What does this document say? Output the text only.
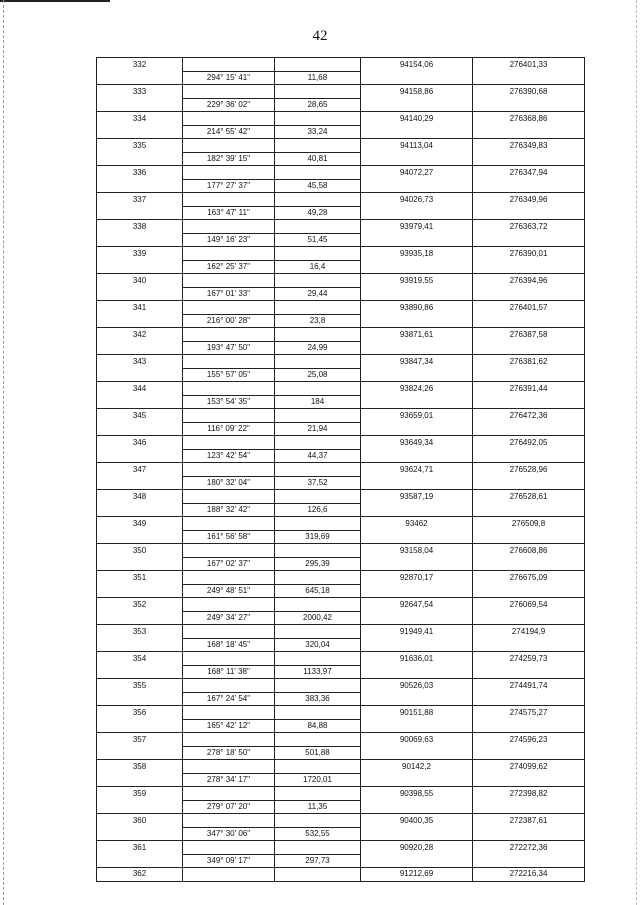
42
332			94154,06	276401,33
	294° 15' 41"	11,68		
333			94158,86	276390,68
	229° 36' 02"	28,65		
334			94140,29	276368,86
	214° 55' 42"	33,24		
335			94113,04	276349,83
	182° 39' 15"	40,81		
336			94072,27	276347,94
	177° 27' 37"	45,58		
337			94026,73	276349,96
	163° 47' 11"	49,28		
338			93979,41	276363,72
	149° 16' 23"	51,45		
339			93935,18	276390,01
	162° 25' 37"	16,4		
340			93919,55	276394,96
	167° 01' 33"	29,44		
341			93890,86	276401,57
	216° 00' 28"	23,8		
342			93871,61	276387,58
	193° 47' 50"	24,99		
343			93847,34	276381,62
	155° 57' 05"	25,08		
344			93824,26	276391,44
	153° 54' 35"	184		
345			93659,01	276472,36
	116° 09' 22"	21,94		
346			93649,34	276492,05
	123° 42' 54"	44,37		
347			93624,71	276528,96
	180° 32' 04"	37,52		
348			93587,19	276528,61
	188° 32' 42"	126,6		
349			93462	276509,8
	161° 56' 58"	319,69		
350			93158,04	276608,86
	167° 02' 37"	295,39		
351			92870,17	276675,09
	249° 48' 51"	645,18		
352			92647,54	276069,54
	249° 34' 27"	2000,42		
353			91949,41	274194,9
	168° 18' 45"	320,04		
354			91636,01	274259,73
	168° 11' 38"	1133,97		
355			90526,03	274491,74
	167° 24' 54"	383,36		
356			90151,88	274575,27
	165° 42' 12"	84,88		
357			90069,63	274596,23
	278° 18' 50"	501,88		
358			90142,2	274099,62
	278° 34' 17"	1720,01		
359			90398,55	272398,82
	279° 07' 20"	11,35		
360			90400,35	272387,61
	347° 30' 06"	532,55		
361			90920,28	272272,36
	349° 09' 17"	297,73		
362			91212,69	272216,34
